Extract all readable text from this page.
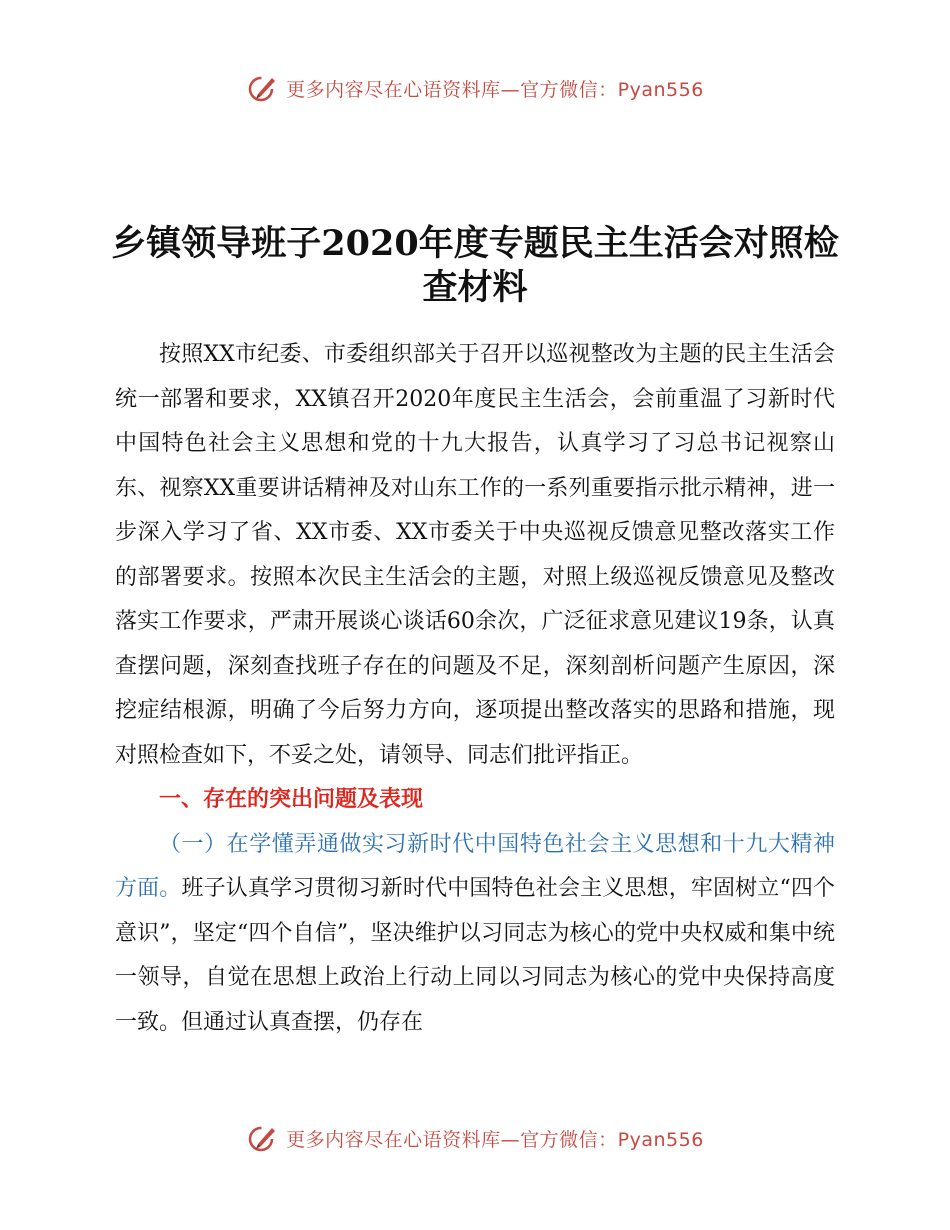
更多内容尽在心语资料库—官方微信：Pyan556
乡镇领导班子2020年度专题民主生活会对照检查材料

按照XX市纪委、市委组织部关于召开以巡视整改为主题的民主生活会统一部署和要求，XX镇召开2020年度民主生活会，会前重温了习新时代中国特色社会主义思想和党的十九大报告，认真学习了习总书记视察山东、视察XX重要讲话精神及对山东工作的一系列重要指示批示精神，进一步深入学习了省、XX市委、XX市委关于中央巡视反馈意见整改落实工作的部署要求。按照本次民主生活会的主题，对照上级巡视反馈意见及整改落实工作要求，严肃开展谈心谈话60余次，广泛征求意见建议19条，认真查摆问题，深刻查找班子存在的问题及不足，深刻剖析问题产生原因，深挖症结根源，明确了今后努力方向，逐项提出整改落实的思路和措施，现对照检查如下，不妥之处，请领导、同志们批评指正。

一、存在的突出问题及表现

（一）在学懂弄通做实习新时代中国特色社会主义思想和十九大精神方面。班子认真学习贯彻习新时代中国特色社会主义思想，牢固树立“四个意识”，坚定“四个自信”，坚决维护以习同志为核心的党中央权威和集中统一领导，自觉在思想上政治上行动上同以习同志为核心的党中央保持高度一致。但通过认真查摆，仍存在

更多内容尽在心语资料库—官方微信：Pyan556
